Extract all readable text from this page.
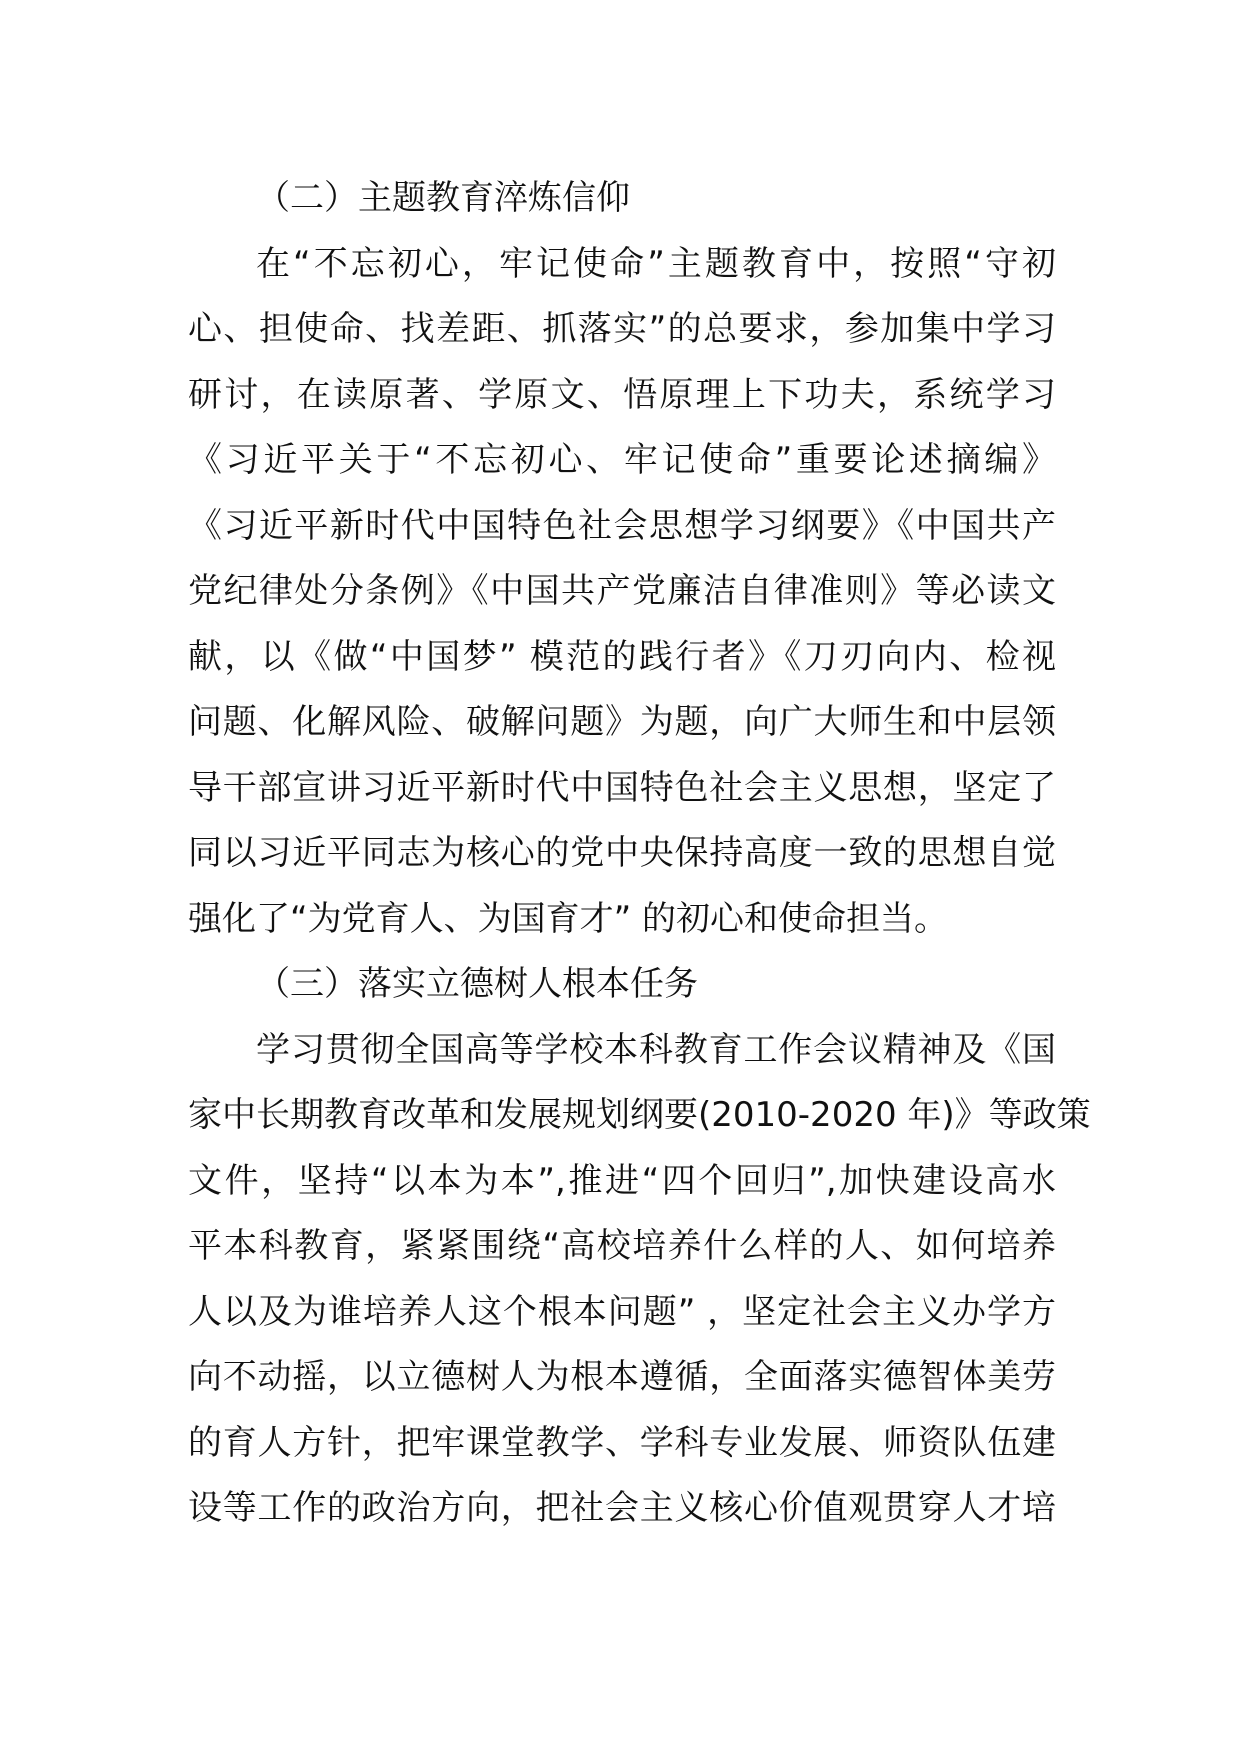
（二）主题教育淬炼信仰
在“不忘初心，牢记使命”主题教育中，按照“守初
心、担使命、找差距、抓落实”的总要求，参加集中学习
研讨，在读原著、学原文、悟原理上下功夫，系统学习
《习近平关于“不忘初心、牢记使命”重要论述摘编》
《习近平新时代中国特色社会思想学习纲要》《中国共产
党纪律处分条例》《中国共产党廉洁自律准则》等必读文
献，以《做“中国梦” 模范的践行者》《刀刃向内、检视
问题、化解风险、破解问题》为题，向广大师生和中层领
导干部宣讲习近平新时代中国特色社会主义思想，坚定了
同以习近平同志为核心的党中央保持高度一致的思想自觉
强化了“为党育人、为国育才” 的初心和使命担当。
（三）落实立德树人根本任务
学习贯彻全国高等学校本科教育工作会议精神及《国
家中长期教育改革和发展规划纲要(2010-2020 年)》等政策
文件，坚持“以本为本”,推进“四个回归”,加快建设高水
平本科教育，紧紧围绕“高校培养什么样的人、如何培养
人以及为谁培养人这个根本问题” ，坚定社会主义办学方
向不动摇，以立德树人为根本遵循，全面落实德智体美劳
的育人方针，把牢课堂教学、学科专业发展、师资队伍建
设等工作的政治方向，把社会主义核心价值观贯穿人才培
